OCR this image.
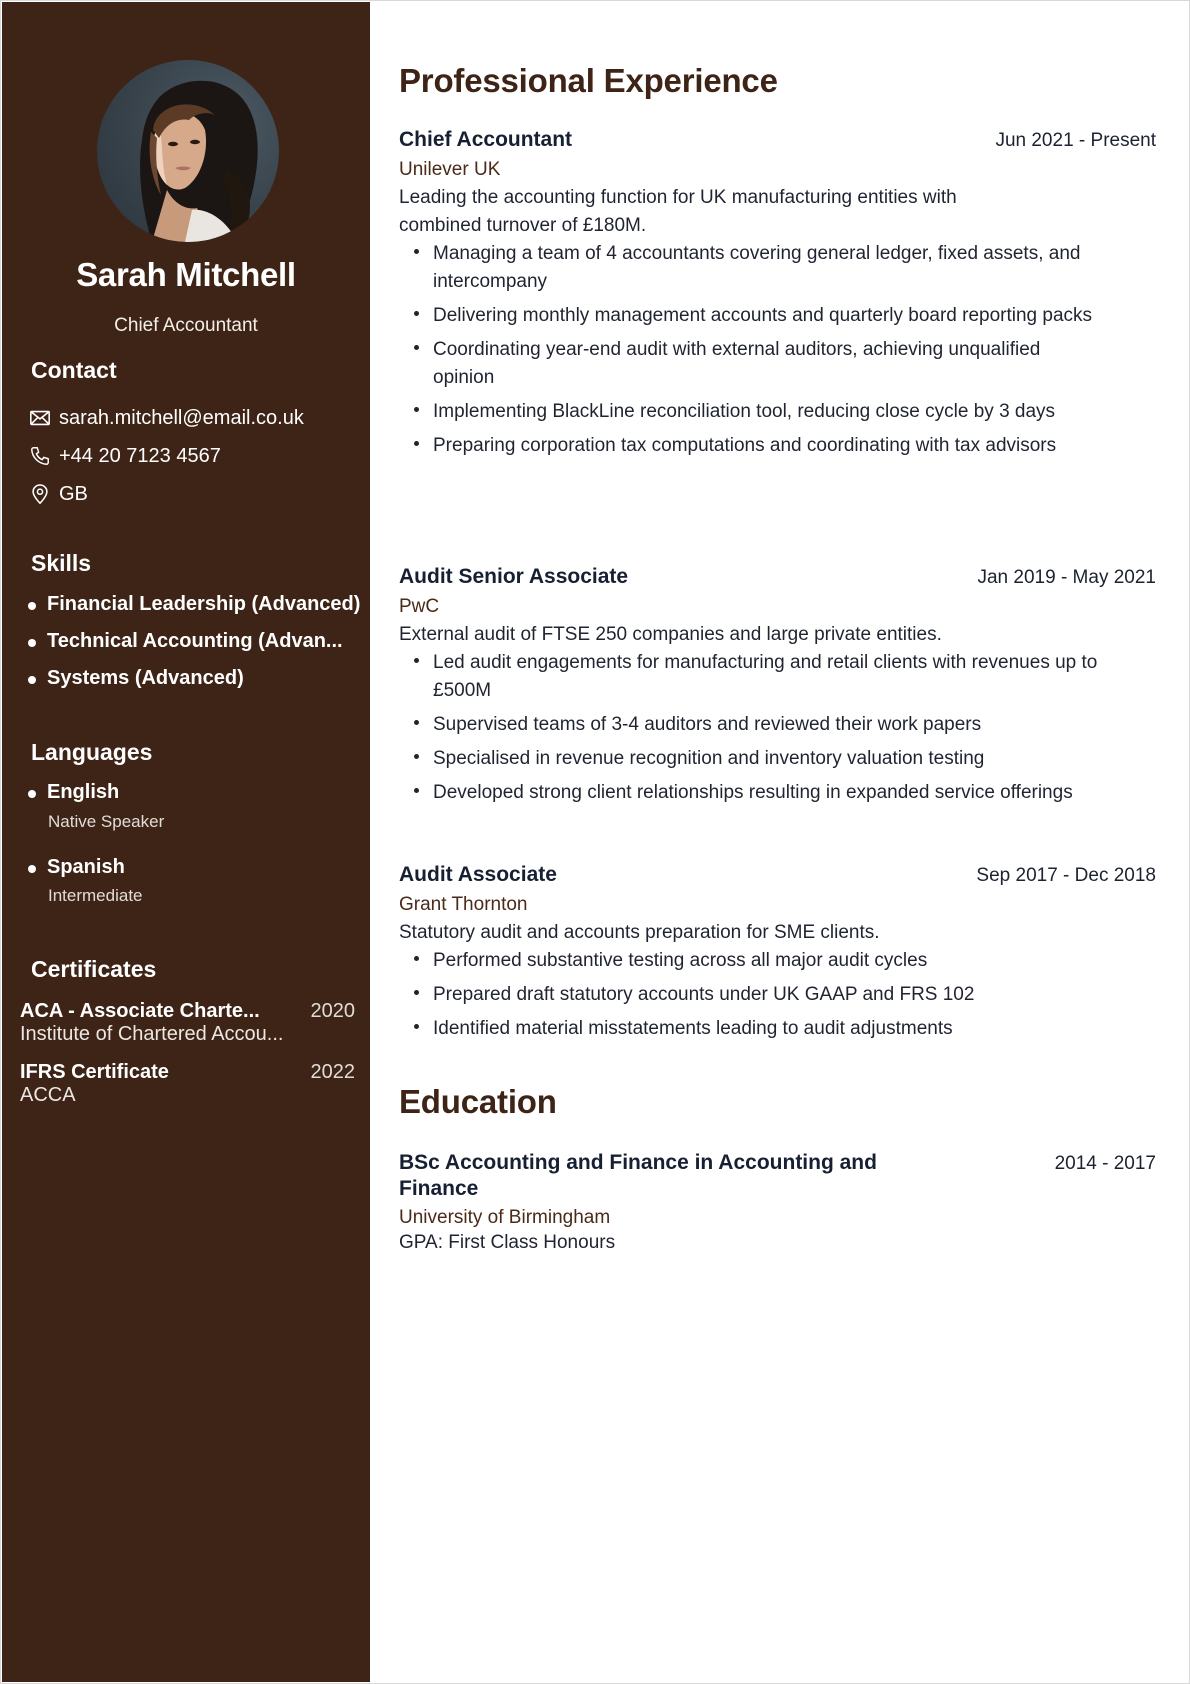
Sarah Mitchell
Chief Accountant
Contact
sarah.mitchell@email.co.uk
+44 20 7123 4567
GB
Skills
Financial Leadership (Advanced)
Technical Accounting (Advan...
Systems (Advanced)
Languages
English
Native Speaker
Spanish
Intermediate
Certificates
ACA - Associate Charte...	2020
Institute of Chartered Accou...
IFRS Certificate	2022
ACCA
Professional Experience
Chief Accountant	Jun 2021 - Present
Unilever UK
Leading the accounting function for UK manufacturing entities with combined turnover of £180M.
Managing a team of 4 accountants covering general ledger, fixed assets, and intercompany
Delivering monthly management accounts and quarterly board reporting packs
Coordinating year-end audit with external auditors, achieving unqualified opinion
Implementing BlackLine reconciliation tool, reducing close cycle by 3 days
Preparing corporation tax computations and coordinating with tax advisors
Audit Senior Associate	Jan 2019 - May 2021
PwC
External audit of FTSE 250 companies and large private entities.
Led audit engagements for manufacturing and retail clients with revenues up to £500M
Supervised teams of 3-4 auditors and reviewed their work papers
Specialised in revenue recognition and inventory valuation testing
Developed strong client relationships resulting in expanded service offerings
Audit Associate	Sep 2017 - Dec 2018
Grant Thornton
Statutory audit and accounts preparation for SME clients.
Performed substantive testing across all major audit cycles
Prepared draft statutory accounts under UK GAAP and FRS 102
Identified material misstatements leading to audit adjustments
Education
BSc Accounting and Finance in Accounting and Finance
2014 - 2017
University of Birmingham
GPA: First Class Honours
